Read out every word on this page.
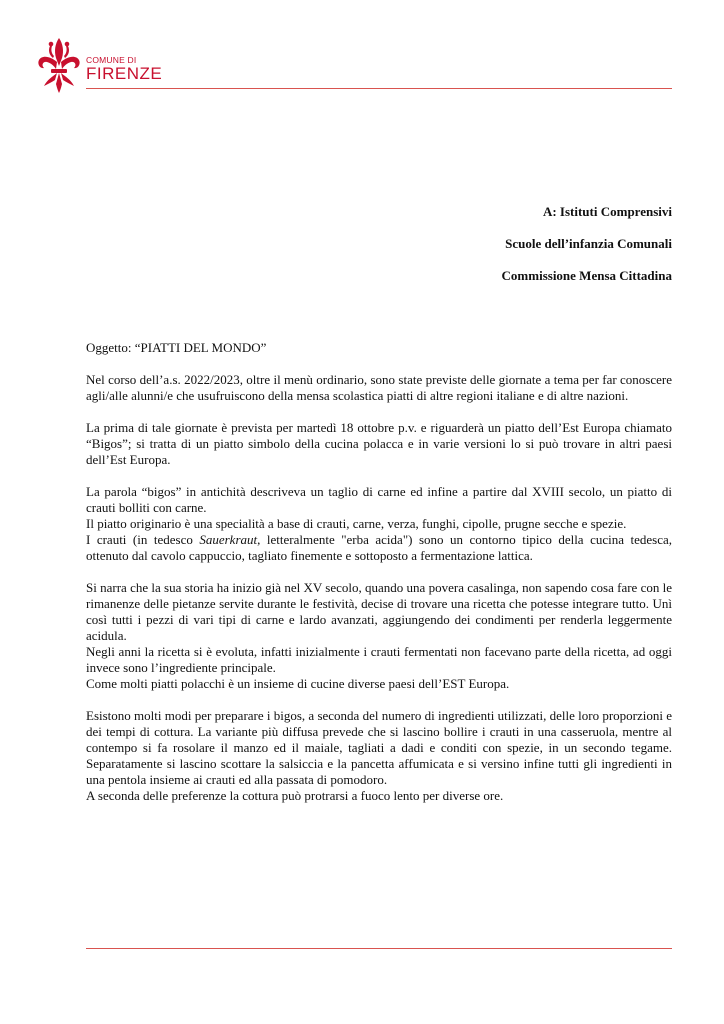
COMUNE DI
FIRENZE
A: Istituti Comprensivi
Scuole dell’infanzia Comunali
Commissione Mensa Cittadina

Oggetto: “PIATTI DEL MONDO”

Nel corso dell’a.s. 2022/2023, oltre il menù ordinario, sono state previste delle giornate a tema per far conoscere agli/alle alunni/e che usufruiscono della mensa scolastica piatti di altre regioni italiane e di altre nazioni.

La prima di tale giornate è prevista per martedì 18 ottobre p.v. e riguarderà un piatto dell’Est Europa chiamato “Bigos”; si tratta di un piatto simbolo della cucina polacca e in varie versioni lo si può trovare in altri paesi dell’Est Europa.

La parola “bigos” in antichità descriveva un taglio di carne ed infine a partire dal XVIII secolo, un piatto di crauti bolliti con carne.
Il piatto originario è una specialità a base di crauti, carne, verza, funghi, cipolle, prugne secche e spezie.
I crauti (in tedesco Sauerkraut, letteralmente "erba acida") sono un contorno tipico della cucina tedesca, ottenuto dal cavolo cappuccio, tagliato finemente e sottoposto a fermentazione lattica.

Si narra che la sua storia ha inizio già nel XV secolo, quando una povera casalinga, non sapendo cosa fare con le rimanenze delle pietanze servite durante le festività, decise di trovare una ricetta che potesse integrare tutto. Unì così tutti i pezzi di vari tipi di carne e lardo avanzati, aggiungendo dei condimenti per renderla leggermente acidula.
Negli anni la ricetta si è evoluta, infatti inizialmente i crauti fermentati non facevano parte della ricetta, ad oggi invece sono l’ingrediente principale.
Come molti piatti polacchi è un insieme di cucine diverse paesi dell’EST Europa.

Esistono molti modi per preparare i bigos, a seconda del numero di ingredienti utilizzati, delle loro proporzioni e dei tempi di cottura. La variante più diffusa prevede che si lascino bollire i crauti in una casseruola, mentre al contempo si fa rosolare il manzo ed il maiale, tagliati a dadi e conditi con spezie, in un secondo tegame. Separatamente si lascino scottare la salsiccia e la pancetta affumicata e si versino infine tutti gli ingredienti in una pentola insieme ai crauti ed alla passata di pomodoro.
A seconda delle preferenze la cottura può protrarsi a fuoco lento per diverse ore.
